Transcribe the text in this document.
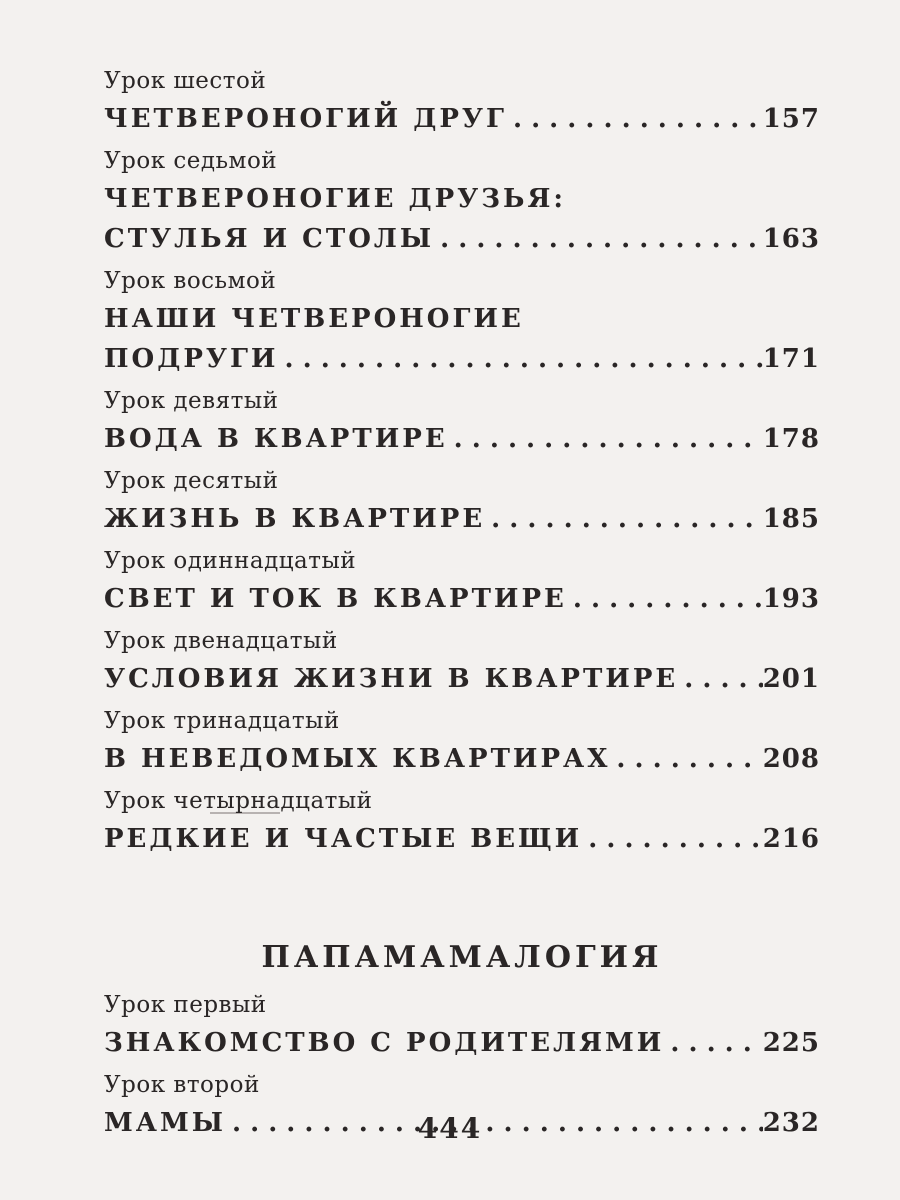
Урок шестой
ЧЕТВЕРОНОГИЙ ДРУГ . . .	157
Урок седьмой
ЧЕТВЕРОНОГИЕ ДРУЗЬЯ:
СТУЛЬЯ И СТОЛЫ . . .	163
Урок восьмой
НАШИ ЧЕТВЕРОНОГИЕ
ПОДРУГИ . . .	171
Урок девятый
ВОДА В КВАРТИРЕ . . .	178
Урок десятый
ЖИЗНЬ В КВАРТИРЕ . . .	185
Урок одиннадцатый
СВЕТ И ТОК В КВАРТИРЕ . . .	193
Урок двенадцатый
УСЛОВИЯ ЖИЗНИ В КВАРТИРЕ . . .	201
Урок тринадцатый
В НЕВЕДОМЫХ КВАРТИРАХ . . .	208
Урок четырнадцатый
РЕДКИЕ И ЧАСТЫЕ ВЕЩИ . . .	216
ПАПАМАМАЛОГИЯ
Урок первый
ЗНАКОМСТВО С РОДИТЕЛЯМИ . . .	225
Урок второй
МАМЫ . . .	232
444
